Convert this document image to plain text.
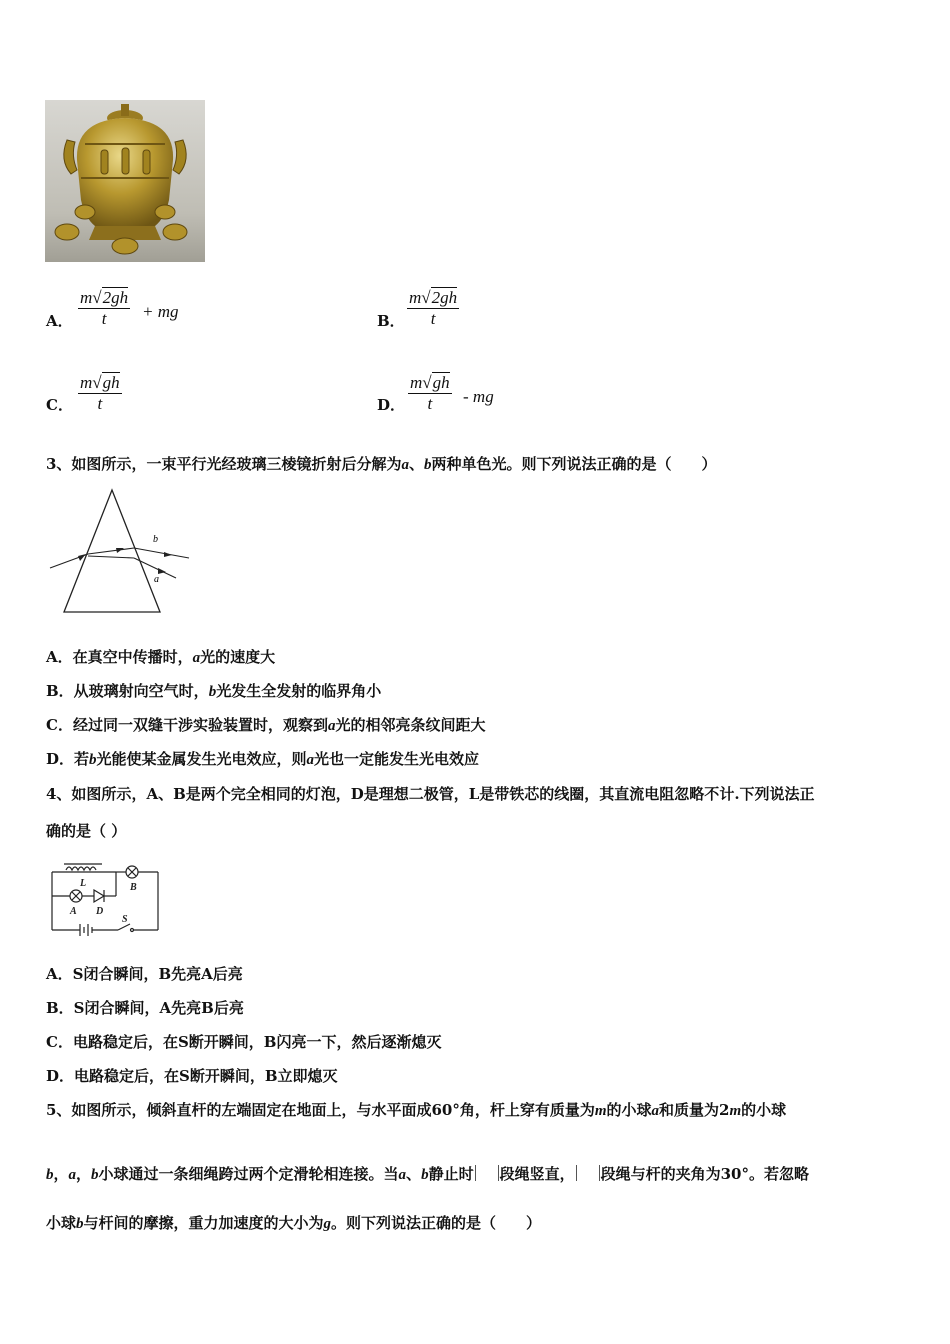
A． $\frac{m√2gh}{t}$ + mg	B． $\frac{m√2gh}{t}$
C． $\frac{m√gh}{t}$	D． $\frac{m√gh}{t}$ - mg
3、如图所示，一束平行光经玻璃三棱镜折射后分解为a、b两种单色光。则下列说法正确的是（　　）
b
a
A．在真空中传播时，a光的速度大
B．从玻璃射向空气时，b光发生全发射的临界角小
C．经过同一双缝干涉实验装置时，观察到a光的相邻亮条纹间距大
D．若b光能使某金属发生光电效应，则a光也一定能发生光电效应
4、如图所示，A、B是两个完全相同的灯泡，D是理想二极管，L是带铁芯的线圈，其直流电阻忽略不计.下列说法正
确的是（ ）
L
A D
B
S
A．S闭合瞬间，B先亮A后亮
B．S闭合瞬间，A先亮B后亮
C．电路稳定后，在S断开瞬间，B闪亮一下，然后逐渐熄灭
D．电路稳定后，在S断开瞬间，B立即熄灭
5、如图所示，倾斜直杆的左端固定在地面上，与水平面成60°角，杆上穿有质量为m的小球a和质量为2m的小球
b，a，b小球通过一条细绳跨过两个定滑轮相连接。当a、b静止时 段绳竖直， 段绳与杆的夹角为30°。若忽略
小球b与杆间的摩擦，重力加速度的大小为g。则下列说法正确的是（　　）
